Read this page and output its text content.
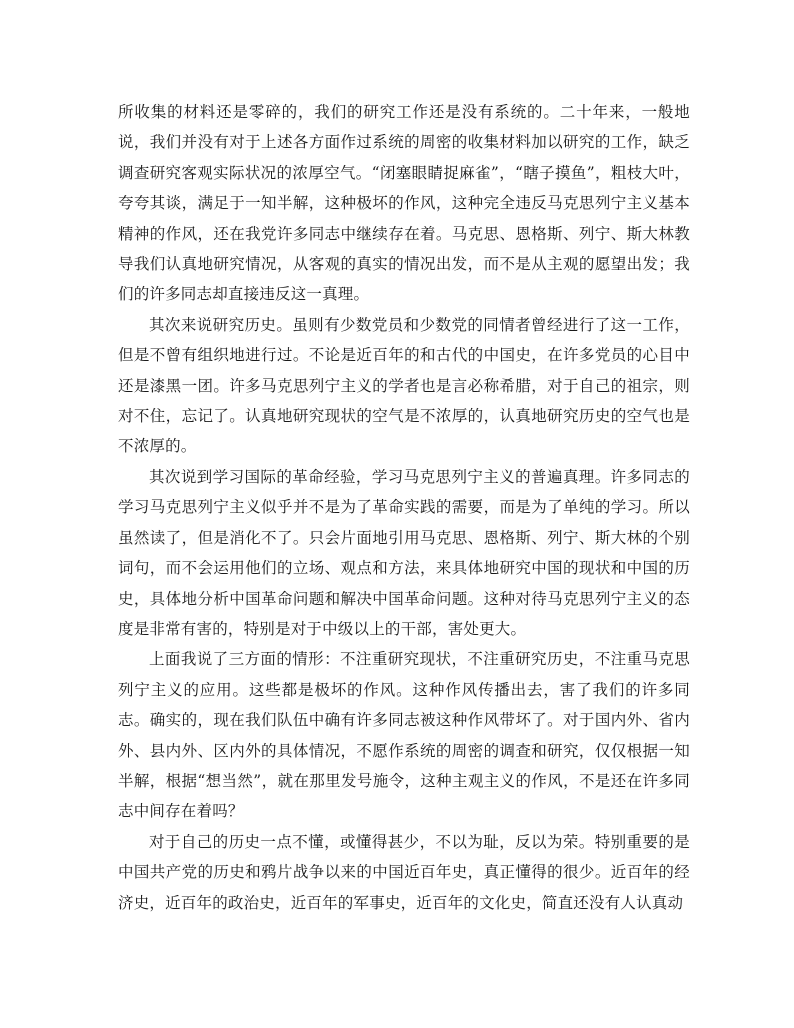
所收集的材料还是零碎的，我们的研究工作还是没有系统的。二十年来，一般地说，我们并没有对于上述各方面作过系统的周密的收集材料加以研究的工作，缺乏调查研究客观实际状况的浓厚空气。“闭塞眼睛捉麻雀”，“瞎子摸鱼”，粗枝大叶，夸夸其谈，满足于一知半解，这种极坏的作风，这种完全违反马克思列宁主义基本精神的作风，还在我党许多同志中继续存在着。马克思、恩格斯、列宁、斯大林教导我们认真地研究情况，从客观的真实的情况出发，而不是从主观的愿望出发；我们的许多同志却直接违反这一真理。

其次来说研究历史。虽则有少数党员和少数党的同情者曾经进行了这一工作，但是不曾有组织地进行过。不论是近百年的和古代的中国史，在许多党员的心目中还是漆黑一团。许多马克思列宁主义的学者也是言必称希腊，对于自己的祖宗，则对不住，忘记了。认真地研究现状的空气是不浓厚的，认真地研究历史的空气也是不浓厚的。

其次说到学习国际的革命经验，学习马克思列宁主义的普遍真理。许多同志的学习马克思列宁主义似乎并不是为了革命实践的需要，而是为了单纯的学习。所以虽然读了，但是消化不了。只会片面地引用马克思、恩格斯、列宁、斯大林的个别词句，而不会运用他们的立场、观点和方法，来具体地研究中国的现状和中国的历史，具体地分析中国革命问题和解决中国革命问题。这种对待马克思列宁主义的态度是非常有害的，特别是对于中级以上的干部，害处更大。

上面我说了三方面的情形：不注重研究现状，不注重研究历史，不注重马克思列宁主义的应用。这些都是极坏的作风。这种作风传播出去，害了我们的许多同志。确实的，现在我们队伍中确有许多同志被这种作风带坏了。对于国内外、省内外、县内外、区内外的具体情况，不愿作系统的周密的调查和研究，仅仅根据一知半解，根据“想当然”，就在那里发号施令，这种主观主义的作风，不是还在许多同志中间存在着吗？

对于自己的历史一点不懂，或懂得甚少，不以为耻，反以为荣。特别重要的是中国共产党的历史和鸦片战争以来的中国近百年史，真正懂得的很少。近百年的经济史，近百年的政治史，近百年的军事史，近百年的文化史，简直还没有人认真动
